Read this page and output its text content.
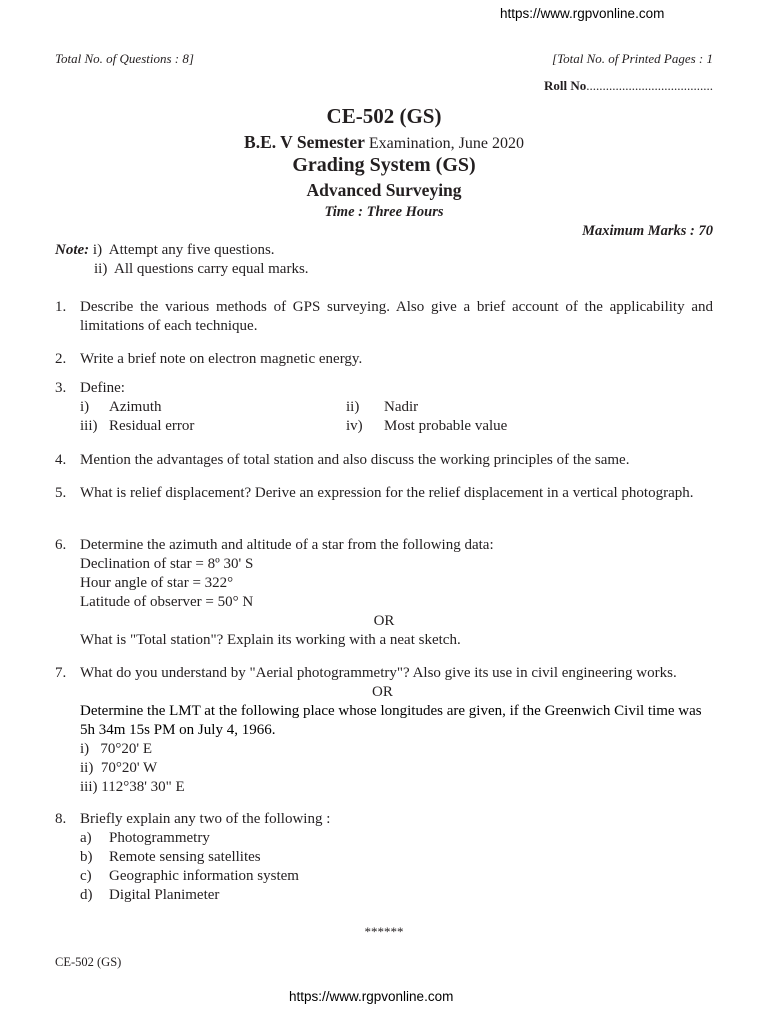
https://www.rgpvonline.com
Total No. of Questions : 8]	[Total No. of Printed Pages : 1
Roll No.......................................
CE-502 (GS)
B.E. V Semester Examination, June 2020
Grading System (GS)
Advanced Surveying
Time : Three Hours
Maximum Marks : 70
Note: i)  Attempt any five questions.
ii)  All questions carry equal marks.
1. Describe the various methods of GPS surveying. Also give a brief account of the applicability and limitations of each technique.
2. Write a brief note on electron magnetic energy.
3. Define:
i) Azimuth	ii) Nadir
iii) Residual error	iv) Most probable value
4. Mention the advantages of total station and also discuss the working principles of the same.
5. What is relief displacement? Derive an expression for the relief displacement in a vertical photograph.
6. Determine the azimuth and altitude of a star from the following data:
Declination of star = 8º 30' S
Hour angle of star = 322°
Latitude of observer = 50° N
OR
What is "Total station"? Explain its working with a neat sketch.
7. What do you understand by "Aerial photogrammetry"? Also give its use in civil engineering works.
OR
Determine the LMT at the following place whose longitudes are given, if the Greenwich Civil time was 5h 34m 15s PM on July 4, 1966.
i)   70°20' E
ii)  70°20' W
iii) 112°38' 30" E
8. Briefly explain any two of the following :
a) Photogrammetry
b) Remote sensing satellites
c) Geographic information system
d) Digital Planimeter
******
CE-502 (GS)
https://www.rgpvonline.com
